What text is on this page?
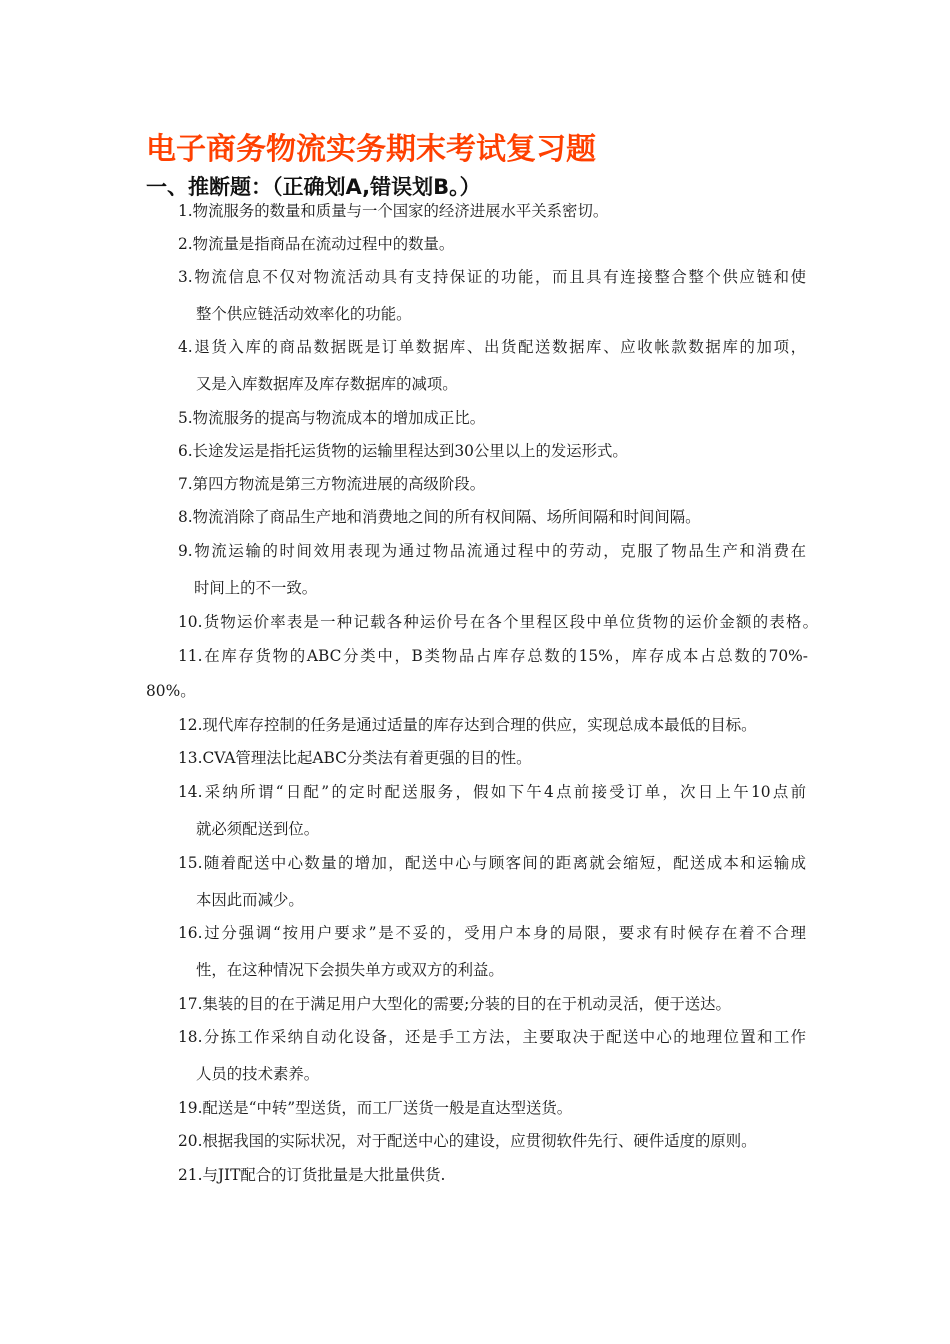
电子商务物流实务期末考试复习题
一、推断题：（正确划A,错误划B。）
1.物流服务的数量和质量与一个国家的经济进展水平关系密切。
2.物流量是指商品在流动过程中的数量。
3.物流信息不仅对物流活动具有支持保证的功能，而且具有连接整合整个供应链和使
整个供应链活动效率化的功能。
4.退货入库的商品数据既是订单数据库、出货配送数据库、应收帐款数据库的加项，
又是入库数据库及库存数据库的减项。
5.物流服务的提高与物流成本的增加成正比。
6.长途发运是指托运货物的运输里程达到30公里以上的发运形式。
7.第四方物流是第三方物流进展的高级阶段。
8.物流消除了商品生产地和消费地之间的所有权间隔、场所间隔和时间间隔。
9.物流运输的时间效用表现为通过物品流通过程中的劳动，克服了物品生产和消费在
时间上的不一致。
10.货物运价率表是一种记载各种运价号在各个里程区段中单位货物的运价金额的表格。
11.在库存货物的ABC分类中，B类物品占库存总数的15%，库存成本占总数的70%-
80%。
12.现代库存控制的任务是通过适量的库存达到合理的供应，实现总成本最低的目标。
13.CVA管理法比起ABC分类法有着更强的目的性。
14.采纳所谓“日配”的定时配送服务，假如下午4点前接受订单，次日上午10点前
就必须配送到位。
15.随着配送中心数量的增加，配送中心与顾客间的距离就会缩短，配送成本和运输成
本因此而减少。
16.过分强调“按用户要求”是不妥的，受用户本身的局限，要求有时候存在着不合理
性，在这种情况下会损失单方或双方的利益。
17.集装的目的在于满足用户大型化的需要;分装的目的在于机动灵活，便于送达。
18.分拣工作采纳自动化设备，还是手工方法，主要取决于配送中心的地理位置和工作
人员的技术素养。
19.配送是“中转”型送货，而工厂送货一般是直达型送货。
20.根据我国的实际状况，对于配送中心的建设，应贯彻软件先行、硬件适度的原则。
21.与JIT配合的订货批量是大批量供货.
